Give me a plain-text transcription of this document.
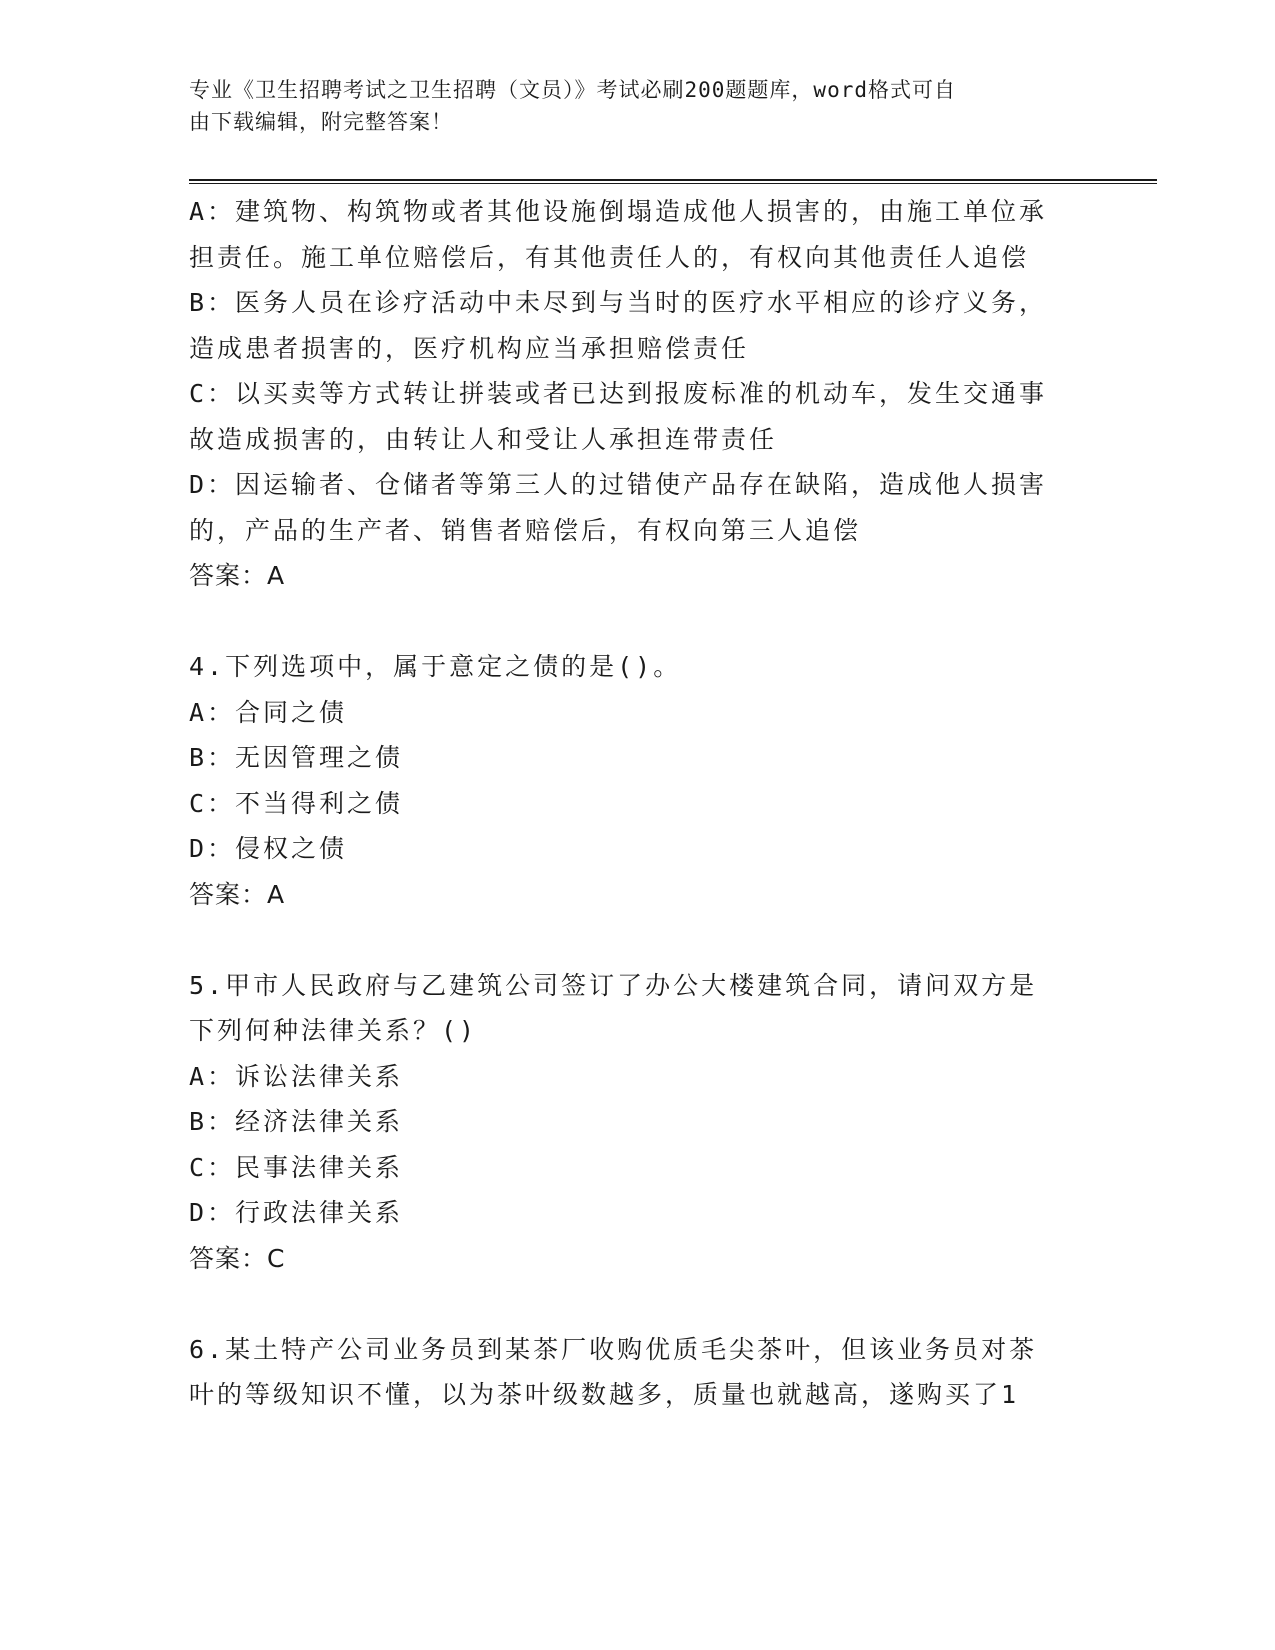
专业《卫生招聘考试之卫生招聘（文员）》考试必刷200题题库，word格式可自
由下载编辑，附完整答案！
A：建筑物、构筑物或者其他设施倒塌造成他人损害的，由施工单位承
担责任。施工单位赔偿后，有其他责任人的，有权向其他责任人追偿
B：医务人员在诊疗活动中未尽到与当时的医疗水平相应的诊疗义务，
造成患者损害的，医疗机构应当承担赔偿责任
C：以买卖等方式转让拼装或者已达到报废标准的机动车，发生交通事
故造成损害的，由转让人和受让人承担连带责任
D：因运输者、仓储者等第三人的过错使产品存在缺陷，造成他人损害
的，产品的生产者、销售者赔偿后，有权向第三人追偿
答案：A
4.下列选项中，属于意定之债的是()。
A：合同之债
B：无因管理之债
C：不当得利之债
D：侵权之债
答案：A
5.甲市人民政府与乙建筑公司签订了办公大楼建筑合同，请问双方是
下列何种法律关系？()
A：诉讼法律关系
B：经济法律关系
C：民事法律关系
D：行政法律关系
答案：C
6.某土特产公司业务员到某茶厂收购优质毛尖茶叶，但该业务员对茶
叶的等级知识不懂，以为茶叶级数越多，质量也就越高，遂购买了1
